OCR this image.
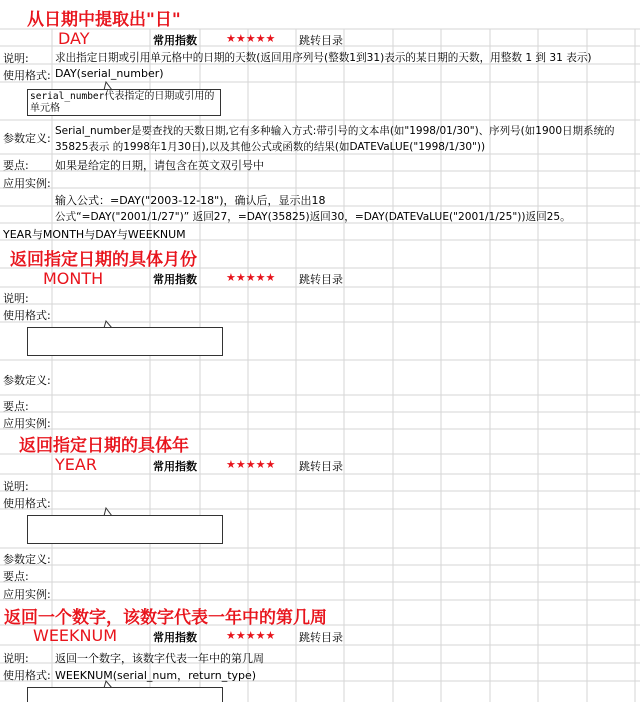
从日期中提取出"日"
DAY	常用指数	★★★★★ 跳转目录
说明: 求出指定日期或引用单元格中的日期的天数(返回用序列号(整数1到31)表示的某日期的天数，用整数 1 到 31 表示)
使用格式: DAY(serial_number)
serial_number代表指定的日期或引用的
单元格
参数定义:
Serial_number是要查找的天数日期,它有多种输入方式:带引号的文本串(如"1998/01/30")、序列号(如1900日期系统的
35825表示 的1998年1月30日),以及其他公式或函数的结果(如DATEVaLUE("1998/1/30"))
要点: 如果是给定的日期，请包含在英文双引号中
应用实例:
输入公式：=DAY("2003-12-18")，确认后，显示出18
公式“=DAY("2001/1/27")” 返回27，=DAY(35825)返回30，=DAY(DATEVaLUE("2001/1/25"))返回25。
YEAR与MONTH与DAY与WEEKNUM
返回指定日期的具体月份
MONTH	常用指数	★★★★★ 跳转目录
说明:
使用格式:
参数定义:
要点:
应用实例:
返回指定日期的具体年
YEAR	常用指数	★★★★★ 跳转目录
说明:
使用格式:
参数定义:
要点:
应用实例:
返回一个数字，该数字代表一年中的第几周
WEEKNUM	常用指数	★★★★★ 跳转目录
说明: 返回一个数字，该数字代表一年中的第几周
使用格式: WEEKNUM(serial_num，return_type)
